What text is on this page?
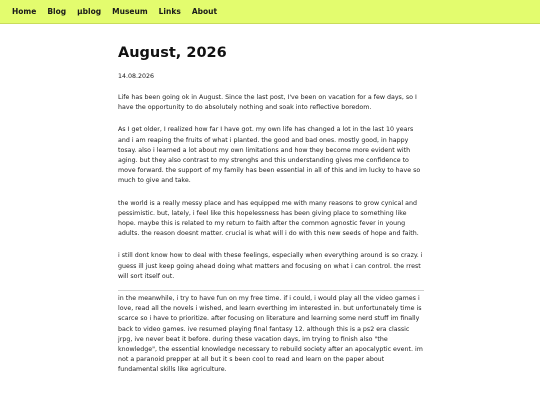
Home Blog µblog Museum Links About
August, 2026
14.08.2026

Life has been going ok in August. Since the last post, I've been on vacation for a few days, so I have the opportunity to do absolutely nothing and soak into reflective boredom.

As I get older, I realized how far I have got. my own life has changed a lot in the last 10 years and i am reaping the fruits of what i planted. the good and bad ones. mostly good, in happy tosay. also i learned a lot about my own limitations and how they become more evident with aging. but they also contrast to my strenghs and this understanding gives me confidence to move forward. the support of my family has been essential in all of this and im lucky to have so much to give and take.

the world is a really messy place and has equipped me with many reasons to grow cynical and pessimistic. but, lately, i feel like this hopelessness has been giving place to something like hope. maybe this is related to my return to faith after the common agnostic fever in young adults. the reason doesnt matter. crucial is what will i do with this new seeds of hope and faith.

i still dont know how to deal with these feelings, especially when everything around is so crazy. i guess ill just keep going ahead doing what matters and focusing on what i can control. the rrest will sort itself out.

in the meanwhile, i try to have fun on my free time. if i could, i would play all the video games i love, read all the novels i wished, and learn everthing im interested in. but unfortunately time is scarce so i have to prioritize. after focusing on literature and learning some nerd stuff im finally back to video games. ive resumed playing final fantasy 12. although this is a ps2 era classic jrpg, ive never beat it before. during these vacation days, im trying to finish also "the knowledge", the essential knowledge necessary to rebuild society after an apocalyptic event. im not a paranoid prepper at all but it s been cool to read and learn on the paper about fundamental skills like agriculture.
